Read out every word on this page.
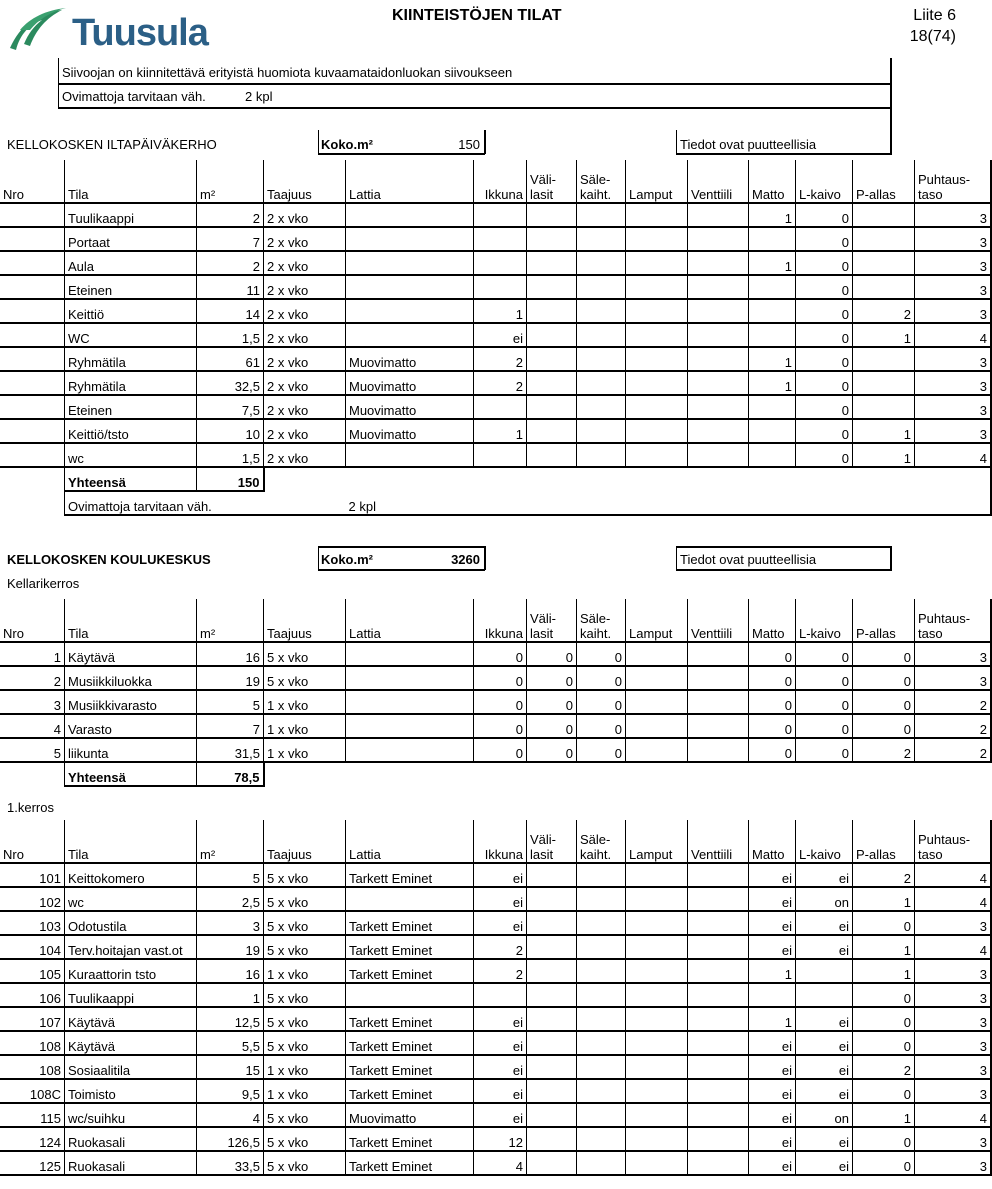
Tuusula	KIINTEISTÖJEN TILAT	Liite 6
18(74)
Siivoojan on kiinnitettävä erityistä huomiota kuvaamataidonluokan siivoukseen
Ovimattoja tarvitaan väh.	2 kpl
KELLOKOSKEN ILTAPÄIVÄKERHO	Koko.m²	150	Tiedot ovat puutteellisia
Nro	Tila	m²	Taajuus	Lattia	Ikkuna	Väli-
lasit	Säle-
kaiht.	Lamput	Venttiili	Matto	L-kaivo	P-allas	Puhtaus-
taso
	Tuulikaappi	2	2 x vko							1	0		3
	Portaat	7	2 x vko								0		3
	Aula	2	2 x vko							1	0		3
	Eteinen	11	2 x vko								0		3
	Keittiö	14	2 x vko		1						0	2	3
	WC	1,5	2 x vko		ei						0	1	4
	Ryhmätila	61	2 x vko	Muovimatto	2					1	0		3
	Ryhmätila	32,5	2 x vko	Muovimatto	2					1	0		3
	Eteinen	7,5	2 x vko	Muovimatto							0		3
	Keittiö/tsto	10	2 x vko	Muovimatto	1						0	1	3
	wc	1,5	2 x vko								0	1	4
	Yhteensä	150											
	Ovimattoja tarvitaan väh.			2 kpl									
KELLOKOSKEN KOULUKESKUS	Koko.m²	3260	Tiedot ovat puutteellisia
Kellarikerros
Nro	Tila	m²	Taajuus	Lattia	Ikkuna	Väli-
lasit	Säle-
kaiht.	Lamput	Venttiili	Matto	L-kaivo	P-allas	Puhtaus-
taso
1	Käytävä	16	5 x vko		0	0	0			0	0	0	3
2	Musiikkiluokka	19	5 x vko		0	0	0			0	0	0	3
3	Musiikkivarasto	5	1 x vko		0	0	0			0	0	0	2
4	Varasto	7	1 x vko		0	0	0			0	0	0	2
5	liikunta	31,5	1 x vko		0	0	0			0	0	2	2
	Yhteensä	78,5											
1.kerros
Nro	Tila	m²	Taajuus	Lattia	Ikkuna	Väli-
lasit	Säle-
kaiht.	Lamput	Venttiili	Matto	L-kaivo	P-allas	Puhtaus-
taso
101	Keittokomero	5	5 x vko	Tarkett Eminet	ei					ei	ei	2	4
102	wc	2,5	5 x vko		ei					ei	on	1	4
103	Odotustila	3	5 x vko	Tarkett Eminet	ei					ei	ei	0	3
104	Terv.hoitajan vast.ot	19	5 x vko	Tarkett Eminet	2					ei	ei	1	4
105	Kuraattorin tsto	16	1 x vko	Tarkett Eminet	2					1		1	3
106	Tuulikaappi	1	5 x vko									0	3
107	Käytävä	12,5	5 x vko	Tarkett Eminet	ei					1	ei	0	3
108	Käytävä	5,5	5 x vko	Tarkett Eminet	ei					ei	ei	0	3
108	Sosiaalitila	15	1 x vko	Tarkett Eminet	ei					ei	ei	2	3
108C	Toimisto	9,5	1 x vko	Tarkett Eminet	ei					ei	ei	0	3
115	wc/suihku	4	5 x vko	Muovimatto	ei					ei	on	1	4
124	Ruokasali	126,5	5 x vko	Tarkett Eminet	12					ei	ei	0	3
125	Ruokasali	33,5	5 x vko	Tarkett Eminet	4					ei	ei	0	3
